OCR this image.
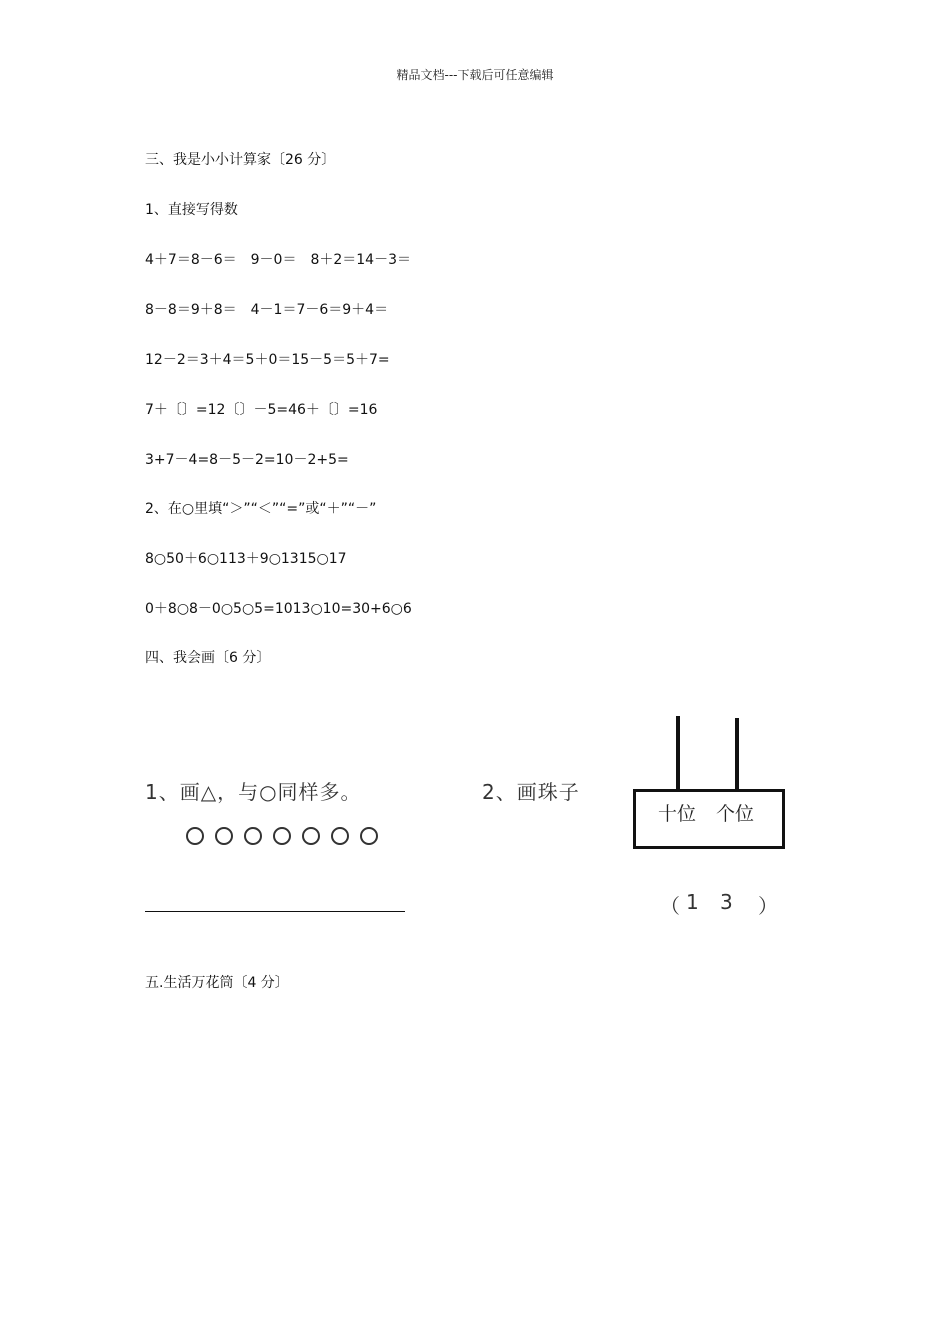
精品文档---下载后可任意编辑
三、我是小小计算家〔26 分〕
1、直接写得数
4＋7＝8－6＝　9－0＝　8＋2＝14－3＝
8－8＝9＋8＝　4－1＝7－6＝9＋4＝
12－2＝3＋4＝5＋0＝15－5＝5＋7=
7＋〔〕=12〔〕－5=46＋〔〕=16
3+7－4=8－5－2=10－2+5=
2、在○里填“＞”“＜”“=”或“＋”“－”
8○50＋6○113＋9○1315○17
0＋8○8－0○5○5=1013○10=30+6○6
四、我会画〔6 分〕
1、画△，与○同样多。	2、画珠子
十位 个位
（ 1 3 ）
五.生活万花筒〔4 分〕
